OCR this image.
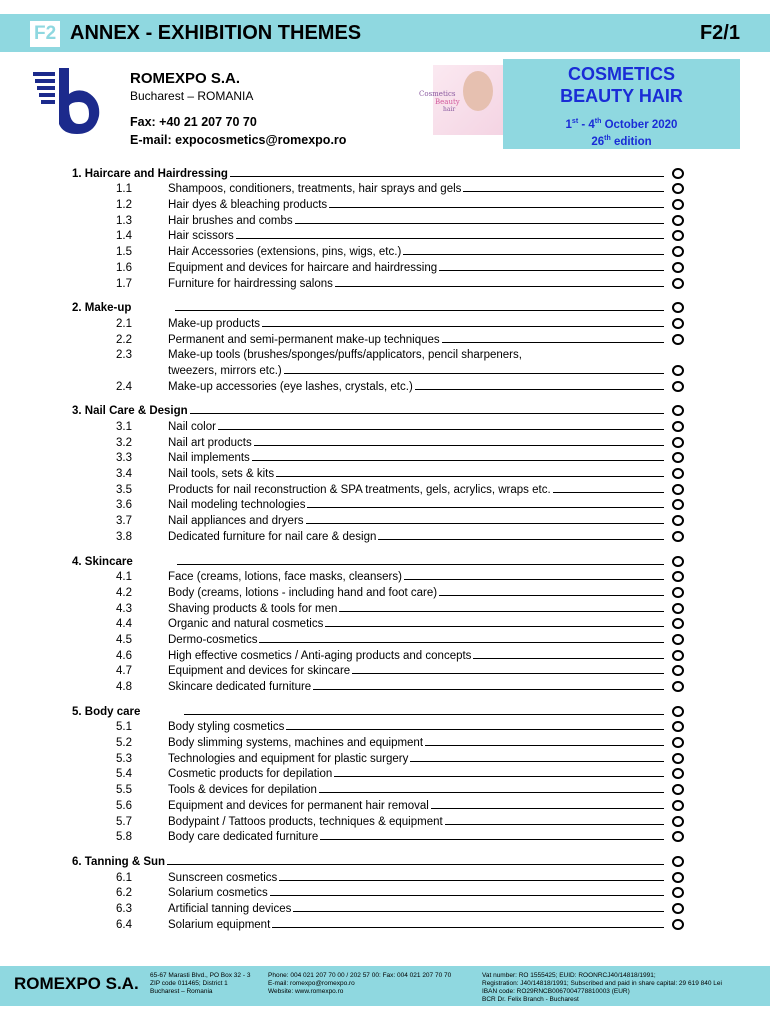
F2 ANNEX - EXHIBITION THEMES	F2/1
ROMEXPO S.A.
Bucharest – ROMANIA
Fax: +40 21 207 70 70
E-mail: expocosmetics@romexpo.ro
Cosmetics
Beauty
hair
COSMETICS
BEAUTY HAIR
1st - 4th October 2020
26th edition
1. Haircare and Hairdressing
1.1	Shampoos, conditioners, treatments, hair sprays and gels
1.2	Hair dyes & bleaching products
1.3	Hair brushes and combs
1.4	Hair scissors
1.5	Hair Accessories (extensions, pins, wigs, etc.)
1.6	Equipment and devices for haircare and hairdressing
1.7	Furniture for hairdressing salons
2. Make-up
2.1	Make-up products
2.2	Permanent and semi-permanent make-up techniques
2.3	Make-up tools (brushes/sponges/puffs/applicators, pencil sharpeners,
tweezers, mirrors etc.)
2.4	Make-up accessories (eye lashes, crystals, etc.)
3. Nail Care & Design
3.1	Nail color
3.2	Nail art products
3.3	Nail implements
3.4	Nail tools, sets & kits
3.5	Products for nail reconstruction & SPA treatments, gels, acrylics, wraps etc.
3.6	Nail modeling technologies
3.7	Nail appliances and dryers
3.8	Dedicated furniture for nail care & design
4. Skincare
4.1	Face (creams, lotions, face masks, cleansers)
4.2	Body (creams, lotions - including hand and foot care)
4.3	Shaving products & tools for men
4.4	Organic and natural cosmetics
4.5	Dermo-cosmetics
4.6	High effective cosmetics / Anti-aging products and concepts
4.7	Equipment and devices for skincare
4.8	Skincare dedicated furniture
5. Body care
5.1	Body styling cosmetics
5.2	Body slimming systems, machines and equipment
5.3	Technologies and equipment for plastic surgery
5.4	Cosmetic products for depilation
5.5	Tools & devices for depilation
5.6	Equipment and devices for permanent hair removal
5.7	Bodypaint / Tattoos products, techniques & equipment
5.8	Body care dedicated furniture
6. Tanning & Sun
6.1	Sunscreen cosmetics
6.2	Solarium cosmetics
6.3	Artificial tanning devices
6.4	Solarium equipment
ROMEXPO S.A. 65-67 Marasti Blvd., PO Box 32 - 3
ZIP code 011465; District 1
Bucharest – Romania
Phone: 004 021 207 70 00 / 202 57 00: Fax: 004 021 207 70 70
E-mail: romexpo@romexpo.ro
Website: www.romexpo.ro
Vat number: RO 1555425; EUID: ROONRCJ40/14818/1991;
Registration: J40/14818/1991; Subscribed and paid in share capital: 29 619 840 Lei
IBAN code: RO29RNCB0067004778810003 (EUR)
BCR Dr. Felix Branch - Bucharest
